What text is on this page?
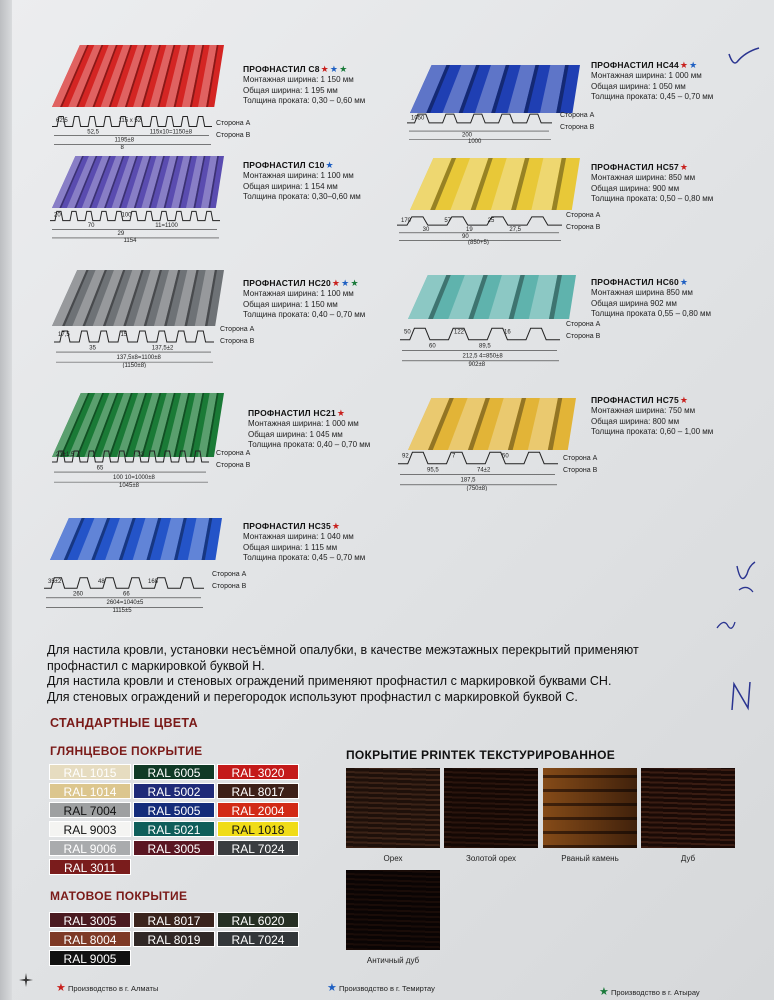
ПРОФНАСТИЛ С8★★★
Монтажная ширина: 1 150 мм
Общая ширина: 1 195 мм
Толщина проката: 0,30 – 0,60 мм
62,5
52,5
115 x 52
115x10=1150±8
1195±8
8
Сторона А
Сторона В
ПРОФНАСТИЛ НС44★★
Монтажная ширина: 1 000 мм
Общая ширина: 1 050 мм
Толщина проката: 0,45 – 0,70 мм
1050
200
1000
Сторона А
Сторона В
ПРОФНАСТИЛ С10★
Монтажная ширина: 1 100 мм
Общая ширина: 1 154 мм
Толщина проката: 0,30–0,60 мм
20
70
100
11=1100
29
1154
ПРОФНАСТИЛ НС57★
Монтажная ширина: 850 мм
Общая ширина: 900 мм
Толщина проката: 0,50 – 0,80 мм
170
30
57
19
25
27,5
90
(850+5)
Сторона А
Сторона В
ПРОФНАСТИЛ НС20★★★
Монтажная ширина: 1 100 мм
Общая ширина: 1 150 мм
Толщина проката: 0,40 – 0,70 мм
17,5
35
15
137,5±2
137,5x8=1100±8
(1150±8)
Сторона А
Сторона В
ПРОФНАСТИЛ НС60★
Монтажная ширина 850 мм
Общая ширина 902 мм
Толщина проката 0,55 – 0,80 мм
50
60
122
89,5
16
212,5 4=850±8
902±8
Сторона А
Сторона В
ПРОФНАСТИЛ НС21★
Монтажная ширина: 1 000 мм
Общая ширина: 1 045 мм
Толщина проката: 0,40 – 0,70 мм
21±1,5
65
33
100 10=1000±8
1045±8
Сторона А
Сторона В
ПРОФНАСТИЛ НС75★
Монтажная ширина: 750 мм
Общая ширина: 800 мм
Толщина проката: 0,60 – 1,00 мм
92
95,5
7
74±2
50
187,5
(750±8)
Сторона А
Сторона В
ПРОФНАСТИЛ НС35★
Монтажная ширина: 1 040 мм
Общая ширина: 1 115 мм
Толщина проката: 0,45 – 0,70 мм
35±2
260
48
66
168
2604=1040±5
1115±5
Сторона А
Сторона В
Для настила кровли, установки несъёмной опалубки, в качестве межэтажных перекрытий применяют
профнастил с маркировкой буквой Н.
Для настила кровли и стеновых ограждений применяют профнастил с маркировкой буквами СН.
Для стеновых ограждений и перегородок используют профнастил с маркировкой буквой С.
СТАНДАРТНЫЕ ЦВЕТА
ГЛЯНЦЕВОЕ ПОКРЫТИЕ
RAL 1015	RAL 6005	RAL 3020
RAL 1014	RAL 5002	RAL 8017
RAL 7004	RAL 5005	RAL 2004
RAL 9003	RAL 5021	RAL 1018
RAL 9006	RAL 3005	RAL 7024
RAL 3011
МАТОВОЕ ПОКРЫТИЕ
RAL 3005	RAL 8017	RAL 6020
RAL 8004	RAL 8019	RAL 7024
RAL 9005
ПОКРЫТИЕ PRINTEK ТЕКСТУРИРОВАННОЕ
Орех	Золотой орех	Рваный камень	Дуб
Античный дуб
★ Производство в г. Алматы	★ Производство в г. Темиртау	★ Производство в г. Атырау
